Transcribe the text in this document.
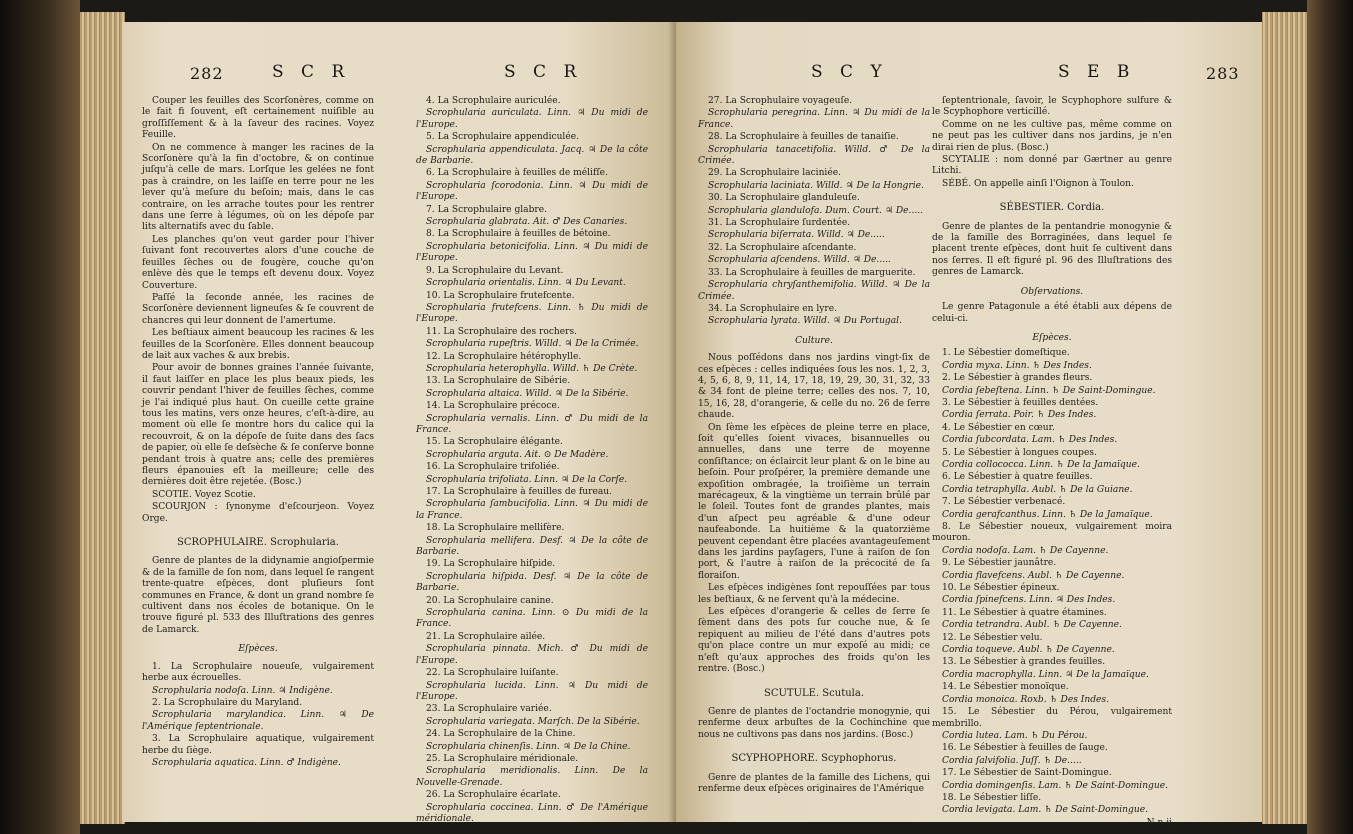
282	S C R	S C R

Couper les feuilles des Scorſonères, comme on le fait fi ſouvent, eſt certainement nuiſible au groſſiſſement & à la ſaveur des racines. Voyez Feuille.

On ne commence à manger les racines de la Scorſonère qu'à la fin d'octobre, & on continue juſqu'à celle de mars. Lorſque les gelées ne font pas à craindre, on les laiſſe en terre pour ne les lever qu'à meſure du beſoin; mais, dans le cas contraire, on les arrache toutes pour les rentrer dans une ſerre à légumes, où on les dépoſe par lits alternatifs avec du ſable.

Les planches qu'on veut garder pour l'hiver ſuivant font recouvertes alors d'une couche de feuilles ſèches ou de fougère, couche qu'on enlève dès que le temps eſt devenu doux. Voyez Couverture.

Paſſé la ſeconde année, les racines de Scorſonère deviennent ligneuſes & ſe couvrent de chancres qui leur donnent de l'amertume.

Les beſtiaux aiment beaucoup les racines & les feuilles de la Scorſonère. Elles donnent beaucoup de lait aux vaches & aux brebis.

Pour avoir de bonnes graines l'année ſuivante, il faut laiſſer en place les plus beaux pieds, les couvrir pendant l'hiver de feuilles ſèches, comme je l'ai indiqué plus haut. On cueille cette graine tous les matins, vers onze heures, c'eſt-à-dire, au moment où elle ſe montre hors du calice qui la recouvroit, & on la dépoſe de ſuite dans des ſacs de papier, où elle ſe deſsèche & ſe conſerve bonne pendant trois à quatre ans; celle des premières fleurs épanouies eſt la meilleure; celle des dernières doit être rejetée. (Bosc.)

SCOTIE. Voyez Scotie.

SCOURJON : ſynonyme d'eſcourjeon. Voyez Orge.

SCROPHULAIRE. Scrophularia.

Genre de plantes de la didynamie angioſpermie & de la famille de ſon nom, dans lequel ſe rangent trente-quatre eſpèces, dont pluſieurs ſont communes en France, & dont un grand nombre ſe cultivent dans nos écoles de botanique. On le trouve figuré pl. 533 des Illuſtrations des genres de Lamarck.

Eſpèces.

1. La Scrophulaire noueuſe, vulgairement herbe aux écrouelles.

Scrophularia nodoſa. Linn. ♃ Indigène.

2. La Scrophulaire du Maryland.

Scrophularia marylandica. Linn. ♃ De l'Amérique ſeptentrionale.

3. La Scrophulaire aquatique, vulgairement herbe du ſiège.

Scrophularia aquatica. Linn. ♂ Indigène.

4. La Scrophulaire auriculée.

Scrophularia auriculata. Linn. ♃ Du midi de l'Europe.

5. La Scrophulaire appendiculée.

Scrophularia appendiculata. Jacq. ♃ De la côte de Barbarie.

6. La Scrophulaire à feuilles de mélifſe.

Scrophularia ſcorodonia. Linn. ♃ Du midi de l'Europe.

7. La Scrophulaire glabre.

Scrophularia glabrata. Ait. ♂ Des Canaries.

8. La Scrophulaire à feuilles de bétoine.

Scrophularia betonicifolia. Linn. ♃ Du midi de l'Europe.

9. La Scrophulaire du Levant.

Scrophularia orientalis. Linn. ♃ Du Levant.

10. La Scrophulaire frutefcente.

Scrophularia frutefcens. Linn. ♄ Du midi de l'Europe.

11. La Scrophulaire des rochers.

Scrophularia rupeſtris. Willd. ♃ De la Crimée.

12. La Scrophulaire hétérophylle.

Scrophularia heterophylla. Willd. ♄ De Crète.

13. La Scrophulaire de Sibérie.

Scrophularia altaica. Willd. ♃ De la Sibérie.

14. La Scrophulaire précoce.

Scrophularia vernalis. Linn. ♂ Du midi de la France.

15. La Scrophulaire élégante.

Scrophularia arguta. Ait. ⊙ De Madère.

16. La Scrophulaire trifoliée.

Scrophularia trifoliata. Linn. ♃ De la Corſe.

17. La Scrophulaire à feuilles de fureau.

Scrophularia ſambucifolia. Linn. ♃ Du midi de la France.

18. La Scrophulaire mellifère.

Scrophularia mellifera. Desf. ♃ De la côte de Barbarie.

19. La Scrophulaire hiſpide.

Scrophularia hiſpida. Desf. ♃ De la côte de Barbarie.

20. La Scrophulaire canine.

Scrophularia canina. Linn. ⊙ Du midi de la France.

21. La Scrophulaire ailée.

Scrophularia pinnata. Mich. ♂ Du midi de l'Europe.

22. La Scrophulaire luiſante.

Scrophularia lucida. Linn. ♃ Du midi de l'Europe.

23. La Scrophulaire variée.

Scrophularia variegata. Marſch. De la Sibérie.

24. La Scrophulaire de la Chine.

Scrophularia chinenſis. Linn. ♃ De la Chine.

25. La Scrophulaire méridionale.

Scrophularia meridionalis. Linn. De la Nouvelle-Grenade.

26. La Scrophulaire écarlate.

Scrophularia coccinea. Linn. ♂ De l'Amérique méridionale.

S C Y	S E B	283

27. La Scrophulaire voyageuſe.

Scrophularia peregrina. Linn. ♃ Du midi de la France.

28. La Scrophulaire à feuilles de tanaiſie.

Scrophularia tanacetifolia. Willd. ♂ De la Crimée.

29. La Scrophulaire laciniée.

Scrophularia laciniata. Willd. ♃ De la Hongrie.

30. La Scrophulaire glanduleuſe.

Scrophularia glandulofa. Dum. Court. ♃ De.....

31. La Scrophulaire ſurdentée.

Scrophularia biſerrata. Willd. ♃ De.....

32. La Scrophulaire aſcendante.

Scrophularia aſcendens. Willd. ♃ De.....

33. La Scrophulaire à feuilles de marguerite.

Scrophularia chryſanthemifolia. Willd. ♃ De la Crimée.

34. La Scrophulaire en lyre.

Scrophularia lyrata. Willd. ♃ Du Portugal.

Culture.

Nous poſſédons dans nos jardins vingt-ſix de ces eſpèces : celles indiquées ſous les nos. 1, 2, 3, 4, 5, 6, 8, 9, 11, 14, 17, 18, 19, 29, 30, 31, 32, 33 & 34 font de pleine terre; celles des nos. 7, 10, 15, 16, 28, d'orangerie, & celle du no. 26 de ſerre chaude.

On ſème les eſpèces de pleine terre en place, ſoit qu'elles ſoient vivaces, bisannuelles ou annuelles, dans une terre de moyenne conſiſtance; on éclaircit leur plant & on le bine au beſoin. Pour proſpérer, la première demande une expoſition ombragée, la troiſième un terrain marécageux, & la vingtième un terrain brûlé par le ſoleil. Toutes font de grandes plantes, mais d'un aſpect peu agréable & d'une odeur naufeabonde. La huitième & la quatorzième peuvent cependant être placées avantageuſement dans les jardins payſagers, l'une à raiſon de ſon port, & l'autre à raiſon de la précocité de ſa floraiſon.

Les eſpèces indigènes ſont repouſſées par tous les beſtiaux, & ne ſervent qu'à la médecine.

Les eſpèces d'orangerie & celles de ſerre ſe ſèment dans des pots ſur couche nue, & ſe repiquent au milieu de l'été dans d'autres pots qu'on place contre un mur expoſé au midi; ce n'eſt qu'aux approches des froids qu'on les rentre. (Bosc.)

SCUTULE. Scutula.

Genre de plantes de l'octandrie monogynie, qui renferme deux arbuſtes de la Cochinchine que nous ne cultivons pas dans nos jardins. (Bosc.)

SCYPHOPHORE. Scyphophorus.

Genre de plantes de la famille des Lichens, qui renferme deux eſpèces originaires de l'Amérique

ſeptentrionale, ſavoir, le Scyphophore sulfure & le Scyphophore verticillé.

Comme on ne les cultive pas, même comme on ne peut pas les cultiver dans nos jardins, je n'en dirai rien de plus. (Bosc.)

SCYTALIE : nom donné par Gærtner au genre Litchi.

SÉBÉ. On appelle ainſi l'Oignon à Toulon.

SÉBESTIER. Cordia.

Genre de plantes de la pentandrie monogynie & de la famille des Borraginées, dans lequel ſe placent trente eſpèces, dont huit ſe cultivent dans nos ſerres. Il eſt figuré pl. 96 des Illuſtrations des genres de Lamarck.

Obſervations.

Le genre Patagonule a été établi aux dépens de celui-ci.

Eſpèces.

1. Le Sébestier domeſtique.

Cordia myxa. Linn. ♄ Des Indes.

2. Le Sébestier à grandes fleurs.

Cordia ſebeſtena. Linn. ♄ De Saint-Domingue.

3. Le Sébestier à feuilles dentées.

Cordia ſerrata. Poir. ♄ Des Indes.

4. Le Sébestier en cœur.

Cordia ſubcordata. Lam. ♄ Des Indes.

5. Le Sébestier à longues coupes.

Cordia collococca. Linn. ♄ De la Jamaïque.

6. Le Sébestier à quatre feuilles.

Cordia tetraphylla. Aubl. ♄ De la Guiane.

7. Le Sébestier verbenacé.

Cordia gerafcanthus. Linn. ♄ De la Jamaïque.

8. Le Sébestier noueux, vulgairement moira mouron.

Cordia nodoſa. Lam. ♄ De Cayenne.

9. Le Sébestier jaunâtre.

Cordia flavefcens. Aubl. ♄ De Cayenne.

10. Le Sébestier épineux.

Cordia ſpinefcens. Linn. ♃ Des Indes.

11. Le Sébestier à quatre étamines.

Cordia tetrandra. Aubl. ♄ De Cayenne.

12. Le Sébestier velu.

Cordia toqueve. Aubl. ♄ De Cayenne.

13. Le Sébestier à grandes feuilles.

Cordia macrophylla. Linn. ♃ De la Jamaïque.

14. Le Sébestier monoïque.

Cordia monoica. Roxb. ♄ Des Indes.

15. Le Sébestier du Pérou, vulgairement membrillo.

Cordia lutea. Lam. ♄ Du Pérou.

16. Le Sébestier à feuilles de ſauge.

Cordia ſalvifolia. Juſſ. ♄ De.....

17. Le Sébestier de Saint-Domingue.

Cordia domingenſis. Lam. ♄ De Saint-Domingue.

18. Le Sébestier liſſe.

Cordia levigata. Lam. ♄ De Saint-Domingue.

N n ij
